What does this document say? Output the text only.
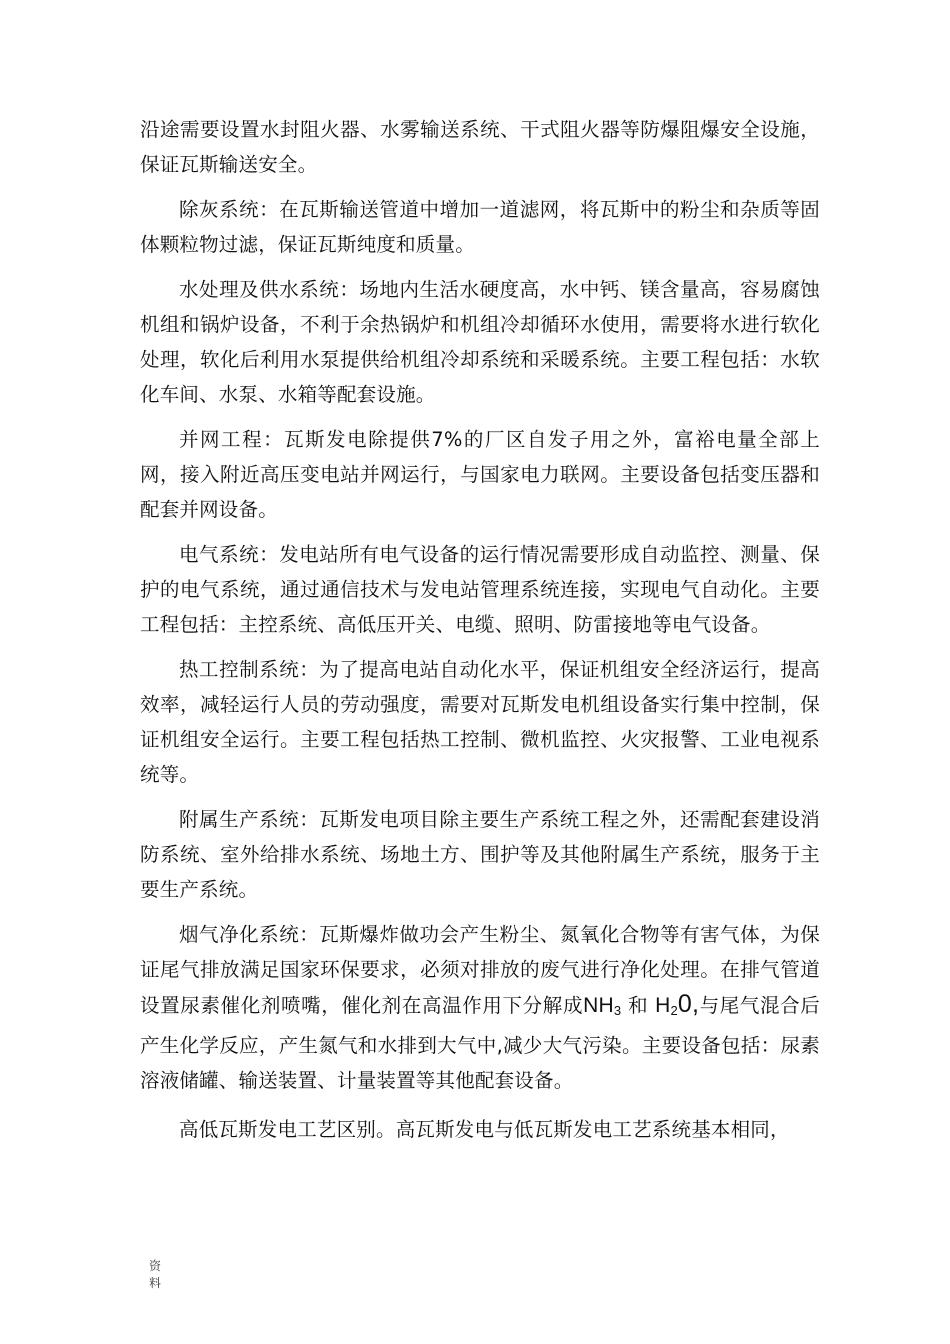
沿途需要设置水封阻火器、水雾输送系统、干式阻火器等防爆阻爆安全设施，保证瓦斯输送安全。

除灰系统：在瓦斯输送管道中增加一道滤网，将瓦斯中的粉尘和杂质等固体颗粒物过滤，保证瓦斯纯度和质量。

水处理及供水系统：场地内生活水硬度高，水中钙、镁含量高，容易腐蚀机组和锅炉设备，不利于余热锅炉和机组冷却循环水使用，需要将水进行软化处理，软化后利用水泵提供给机组冷却系统和采暖系统。主要工程包括：水软化车间、水泵、水箱等配套设施。

并网工程：瓦斯发电除提供7%的厂区自发子用之外，富裕电量全部上网，接入附近高压变电站并网运行，与国家电力联网。主要设备包括变压器和配套并网设备。

电气系统：发电站所有电气设备的运行情况需要形成自动监控、测量、保护的电气系统，通过通信技术与发电站管理系统连接，实现电气自动化。主要工程包括：主控系统、高低压开关、电缆、照明、防雷接地等电气设备。

热工控制系统：为了提高电站自动化水平，保证机组安全经济运行，提高效率，减轻运行人员的劳动强度，需要对瓦斯发电机组设备实行集中控制，保证机组安全运行。主要工程包括热工控制、微机监控、火灾报警、工业电视系统等。

附属生产系统：瓦斯发电项目除主要生产系统工程之外，还需配套建设消防系统、室外给排水系统、场地土方、围护等及其他附属生产系统，服务于主要生产系统。

烟气净化系统：瓦斯爆炸做功会产生粉尘、氮氧化合物等有害气体，为保证尾气排放满足国家环保要求，必须对排放的废气进行净化处理。在排气管道设置尿素催化剂喷嘴，催化剂在高温作用下分解成$NH_3$ 和 $H_20$,与尾气混合后产生化学反应，产生氮气和水排到大气中,减少大气污染。主要设备包括：尿素溶液储罐、输送装置、计量装置等其他配套设备。

高低瓦斯发电工艺区别。高瓦斯发电与低瓦斯发电工艺系统基本相同，

资
料
